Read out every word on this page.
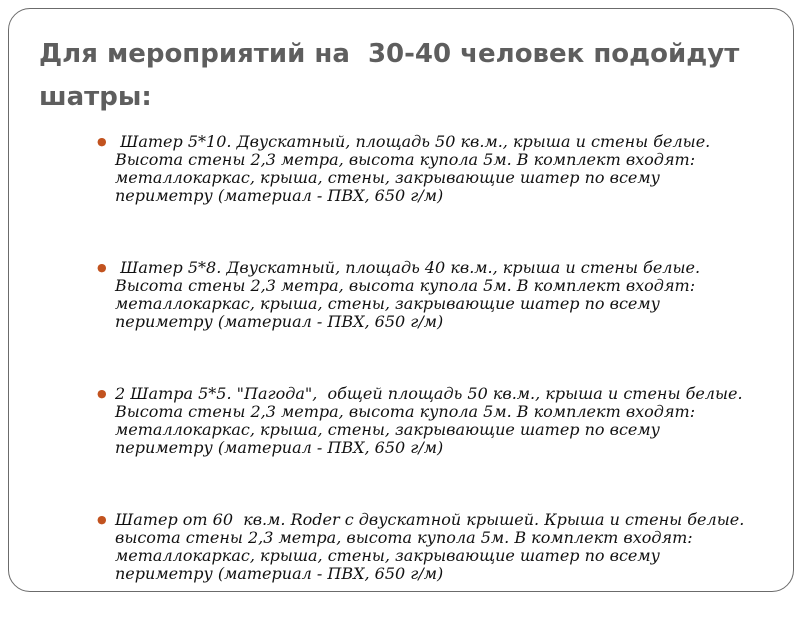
Для мероприятий на  30-40 человек подойдут шатры:
● Шатер 5*10. Двускатный, площадь 50 кв.м., крыша и стены белые.
Высота стены 2,3 метра, высота купола 5м. В комплект входят:
металлокаркас, крыша, стены, закрывающие шатер по всему
периметру (материал - ПВХ, 650 г/м)
● Шатер 5*8. Двускатный, площадь 40 кв.м., крыша и стены белые.
Высота стены 2,3 метра, высота купола 5м. В комплект входят:
металлокаркас, крыша, стены, закрывающие шатер по всему
периметру (материал - ПВХ, 650 г/м)
● 2 Шатра 5*5. "Пагода",  общей площадь 50 кв.м., крыша и стены белые.
Высота стены 2,3 метра, высота купола 5м. В комплект входят:
металлокаркас, крыша, стены, закрывающие шатер по всему
периметру (материал - ПВХ, 650 г/м)
● Шатер от 60  кв.м. Roder с двускатной крышей. Крыша и стены белые.
высота стены 2,3 метра, высота купола 5м. В комплект входят:
металлокаркас, крыша, стены, закрывающие шатер по всему
периметру (материал - ПВХ, 650 г/м)
